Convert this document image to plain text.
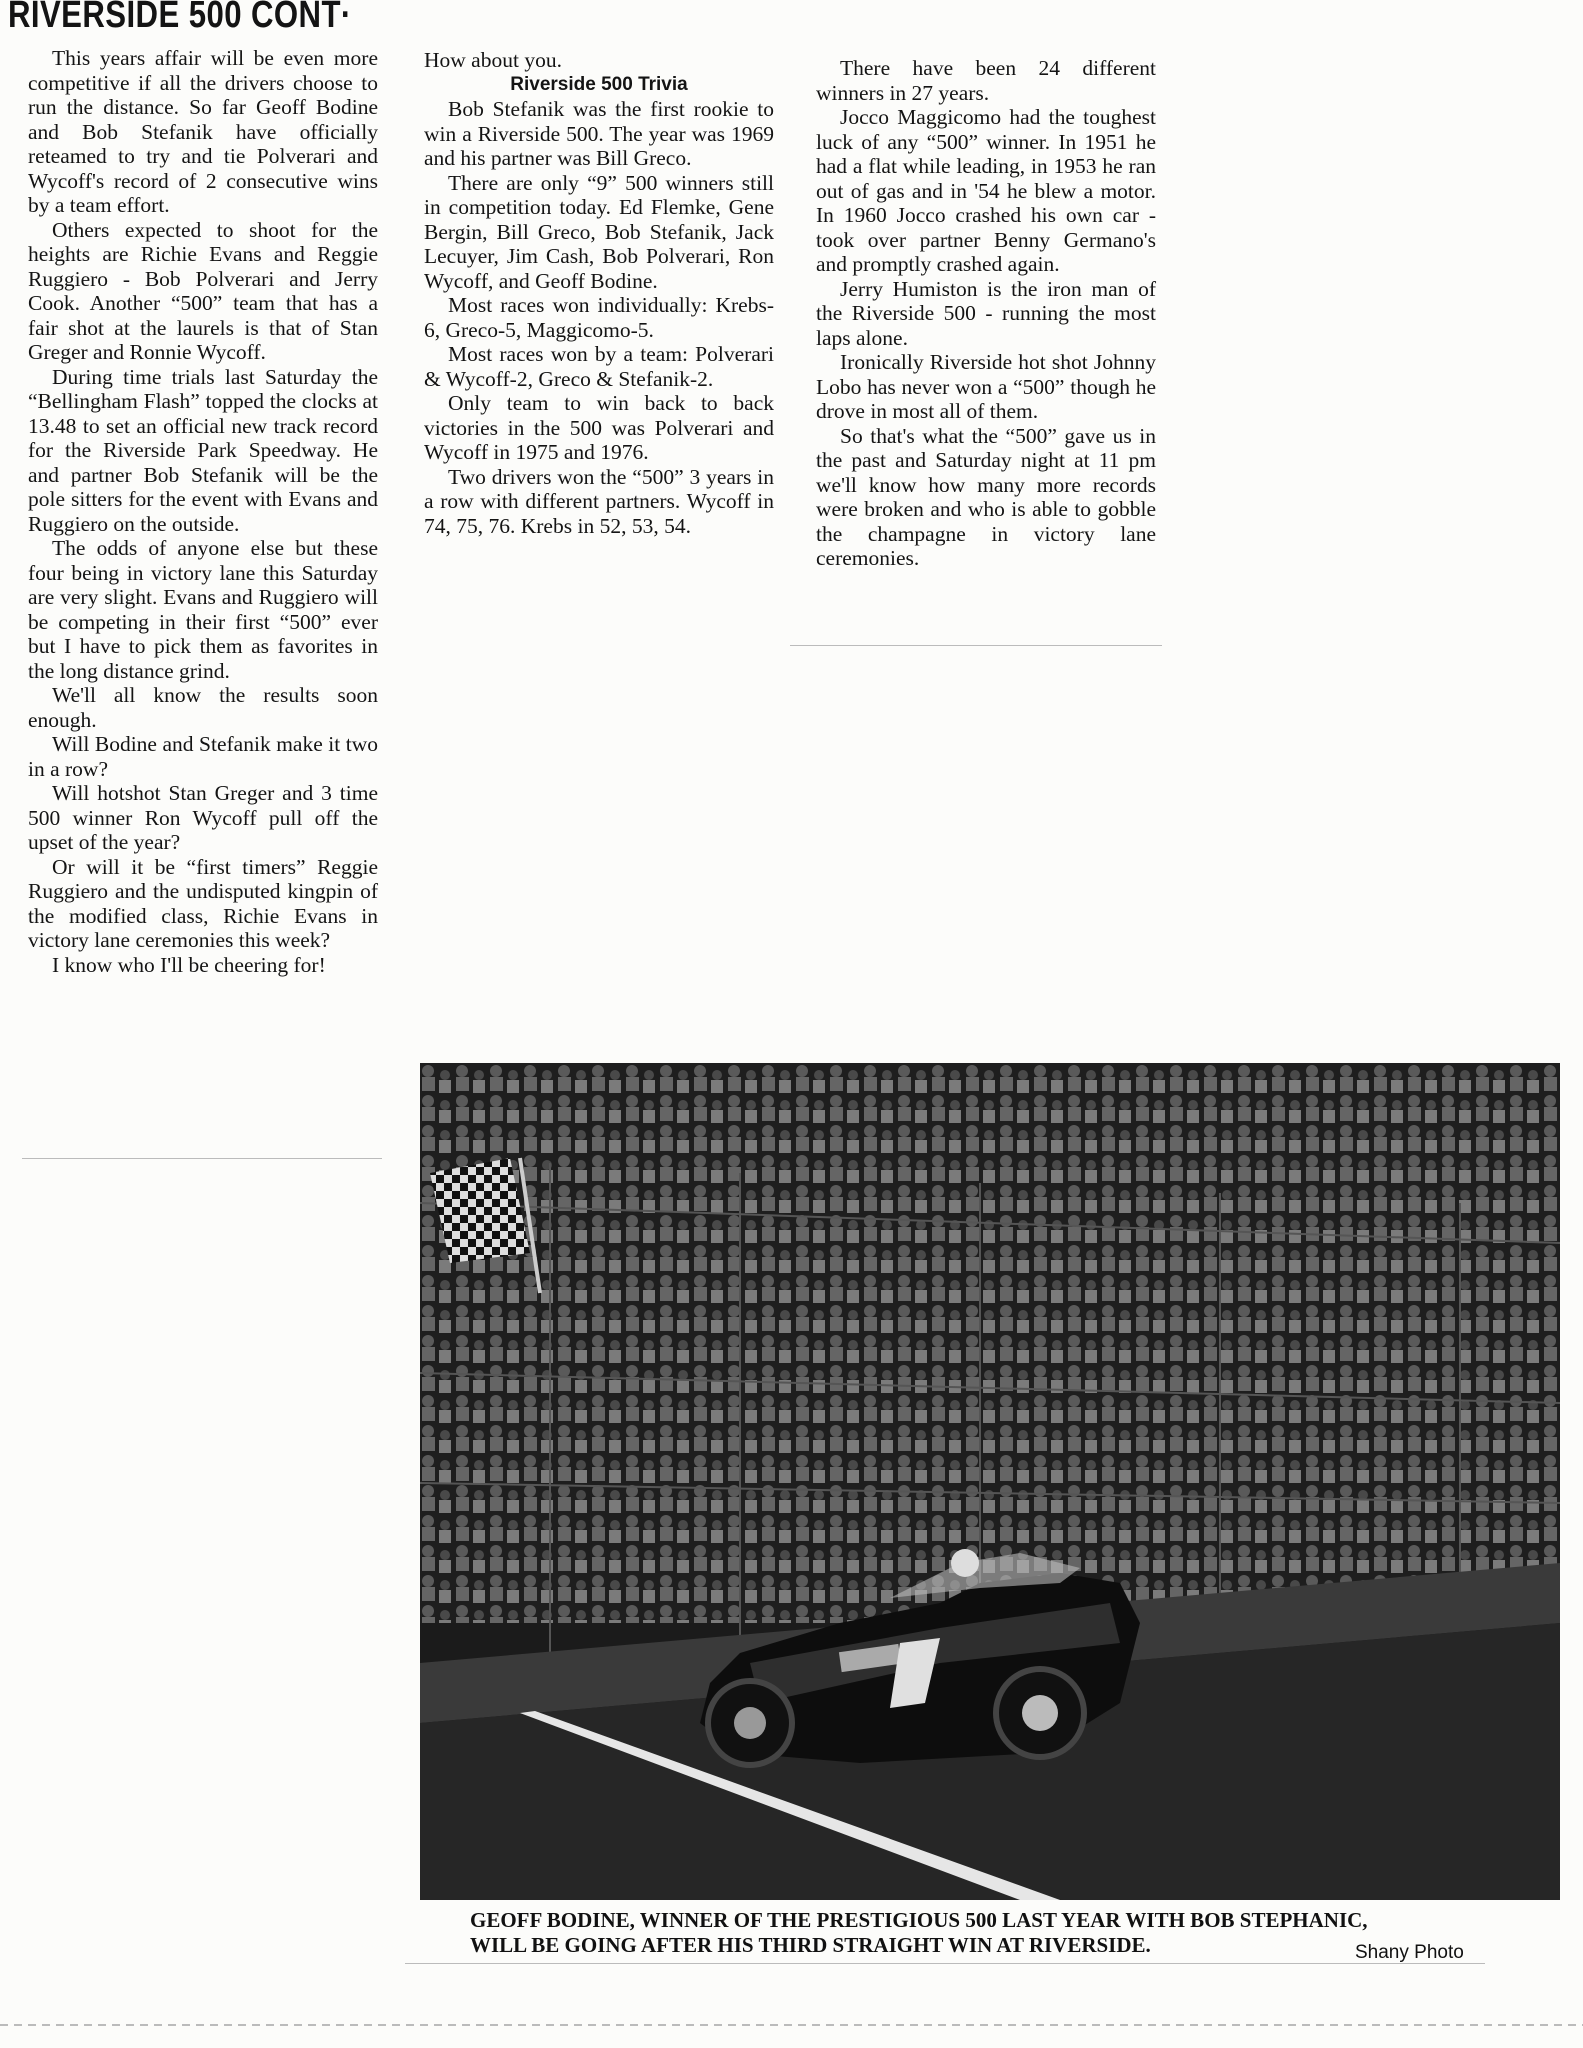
RIVERSIDE 500 CONT·

This years affair will be even more competitive if all the drivers choose to run the distance. So far Geoff Bodine and Bob Stefanik have officially reteamed to try and tie Polverari and Wycoff's record of 2 consecutive wins by a team effort.

Others expected to shoot for the heights are Richie Evans and Reggie Ruggiero - Bob Polverari and Jerry Cook. Another “500” team that has a fair shot at the laurels is that of Stan Greger and Ronnie Wycoff.

During time trials last Saturday the “Bellingham Flash” topped the clocks at 13.48 to set an official new track record for the Riverside Park Speedway. He and partner Bob Stefanik will be the pole sitters for the event with Evans and Ruggiero on the outside.

The odds of anyone else but these four being in victory lane this Saturday are very slight. Evans and Ruggiero will be competing in their first “500” ever but I have to pick them as favorites in the long distance grind.

We'll all know the results soon enough.

Will Bodine and Stefanik make it two in a row?

Will hotshot Stan Greger and 3 time 500 winner Ron Wycoff pull off the upset of the year?

Or will it be “first timers” Reggie Ruggiero and the undisputed kingpin of the modified class, Richie Evans in victory lane ceremonies this week?

I know who I'll be cheering for!

How about you.

Riverside 500 Trivia

Bob Stefanik was the first rookie to win a Riverside 500. The year was 1969 and his partner was Bill Greco.

There are only “9” 500 winners still in competition today. Ed Flemke, Gene Bergin, Bill Greco, Bob Stefanik, Jack Lecuyer, Jim Cash, Bob Polverari, Ron Wycoff, and Geoff Bodine.

Most races won individually: Krebs-6, Greco-5, Maggicomo-5.

Most races won by a team: Polverari & Wycoff-2, Greco & Stefanik-2.

Only team to win back to back victories in the 500 was Polverari and Wycoff in 1975 and 1976.

Two drivers won the “500” 3 years in a row with different partners. Wycoff in 74, 75, 76. Krebs in 52, 53, 54.

There have been 24 different winners in 27 years.

Jocco Maggicomo had the toughest luck of any “500” winner. In 1951 he had a flat while leading, in 1953 he ran out of gas and in '54 he blew a motor. In 1960 Jocco crashed his own car - took over partner Benny Germano's and promptly crashed again.

Jerry Humiston is the iron man of the Riverside 500 - running the most laps alone.

Ironically Riverside hot shot Johnny Lobo has never won a “500” though he drove in most all of them.

So that's what the “500” gave us in the past and Saturday night at 11 pm we'll know how many more records were broken and who is able to gobble the champagne in victory lane ceremonies.

GEOFF BODINE, WINNER OF THE PRESTIGIOUS 500 LAST YEAR WITH BOB STEPHANIC,
WILL BE GOING AFTER HIS THIRD STRAIGHT WIN AT RIVERSIDE.	Shany Photo
